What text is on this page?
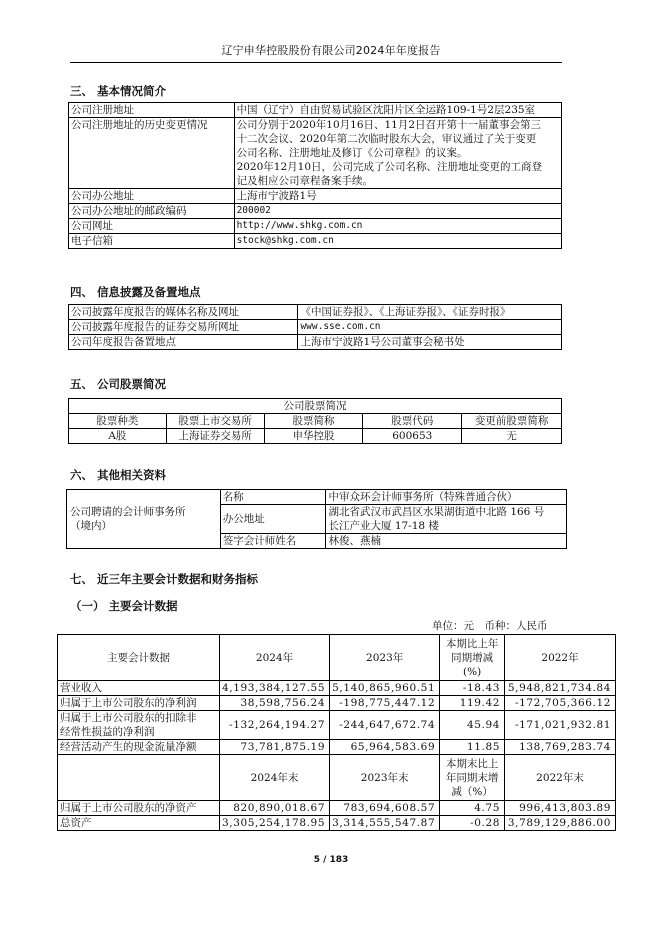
辽宁申华控股股份有限公司2024年年度报告
三、 基本情况简介
公司注册地址	中国（辽宁）自由贸易试验区沈阳片区全运路109-1号2层235室
公司注册地址的历史变更情况	公司分别于2020年10月16日、11月2日召开第十一届董事会第三
十二次会议、2020年第二次临时股东大会，审议通过了关于变更
公司名称、注册地址及修订《公司章程》的议案。
2020年12月10日，公司完成了公司名称、注册地址变更的工商登
记及相应公司章程备案手续。

公司办公地址	上海市宁波路1号
公司办公地址的邮政编码	200002
公司网址	http://www.shkg.com.cn
电子信箱	stock@shkg.com.cn
四、 信息披露及备置地点
公司披露年度报告的媒体名称及网址	《中国证券报》、《上海证券报》、《证券时报》
公司披露年度报告的证券交易所网址	www.sse.com.cn
公司年度报告备置地点	上海市宁波路1号公司董事会秘书处
五、 公司股票简况
公司股票简况				
股票种类	股票上市交易所	股票简称	股票代码	变更前股票简称
A股	上海证券交易所	申华控股	600653	无
六、 其他相关资料
公司聘请的会计师事务所
（境内）	名称	中审众环会计师事务所（特殊普通合伙）
	办公地址	湖北省武汉市武昌区水果湖街道中北路 166 号
长江产业大厦 17-18 楼

	签字会计师姓名	林俊、燕楠
七、 近三年主要会计数据和财务指标
（一） 主要会计数据
单位：元　币种：人民币
主要会计数据	2024年	2023年	本期比上年
同期增减
(%)	2022年
营业收入	4,193,384,127.55	5,140,865,960.51	-18.43	5,948,821,734.84
归属于上市公司股东的净利润	38,598,756.24	-198,775,447.12	119.42	-172,705,366.12

归属于上市公司股东的扣除非
经常性损益的净利润	-132,264,194.27	-244,647,672.74	45.94	-171,021,932.81
经营活动产生的现金流量净额	73,781,875.19	65,964,583.69	11.85	138,769,283.74
	2024年末	2023年末	本期末比上
年同期末增
减（%）	2022年末
归属于上市公司股东的净资产	820,890,018.67	783,694,608.57	4.75	996,413,803.89
总资产	3,305,254,178.95	3,314,555,547.87	-0.28	3,789,129,886.00
5 / 183
